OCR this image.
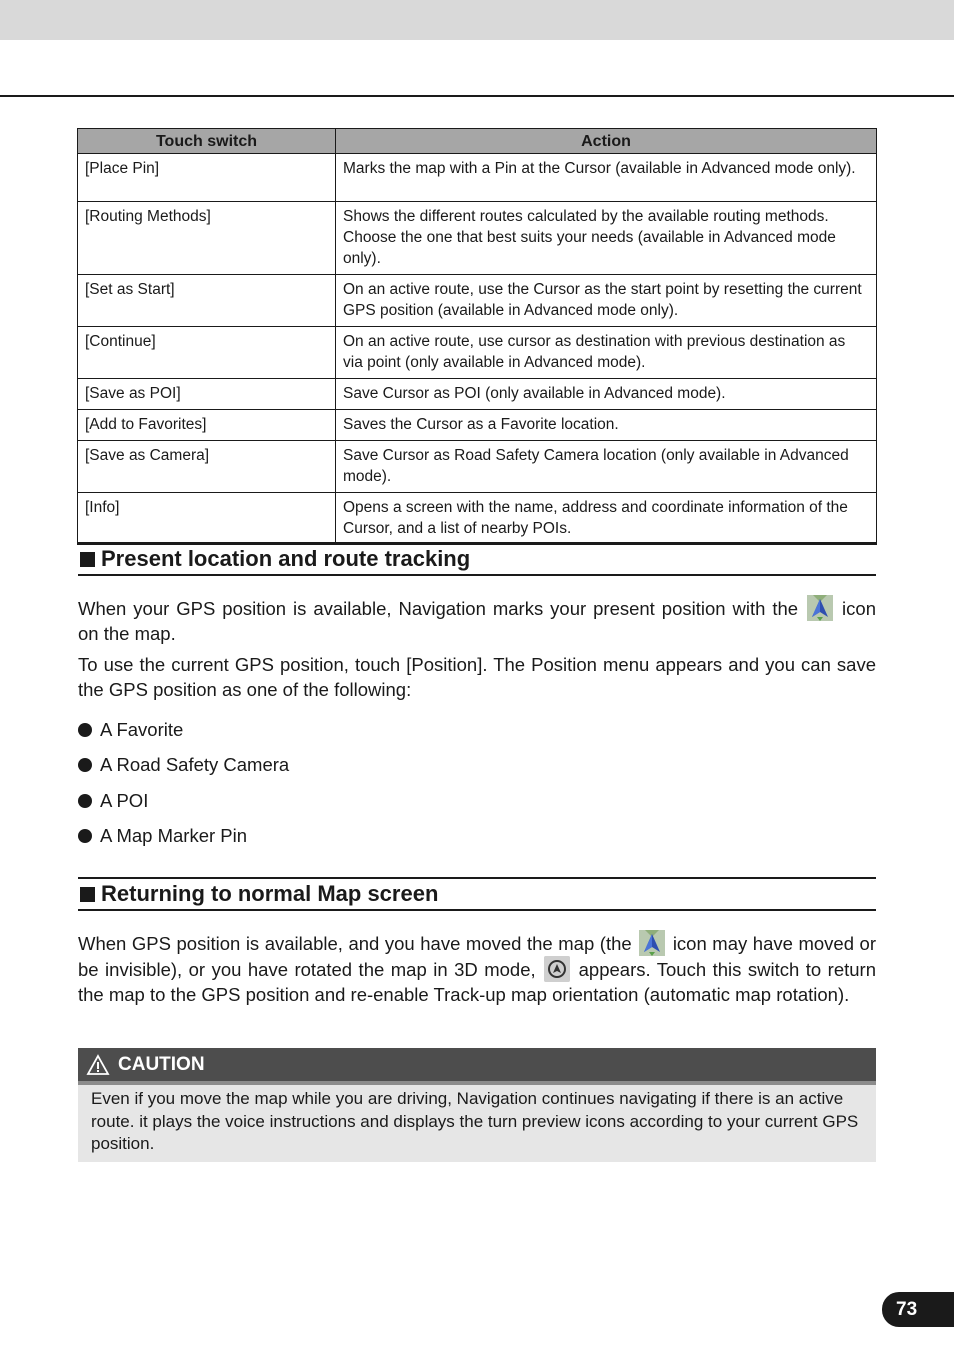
Touch switch	Action
[Place Pin]	Marks the map with a Pin at the Cursor (available in Advanced mode only).
[Routing Methods]	Shows the different routes calculated by the available routing methods. Choose the one that best suits your needs (available in Advanced mode only).
[Set as Start]	On an active route, use the Cursor as the start point by resetting the current GPS position (available in Advanced mode only).
[Continue]	On an active route, use cursor as destination with previous destination as via point (only available in Advanced mode).
[Save as POI]	Save Cursor as POI (only available in Advanced mode).
[Add to Favorites]	Saves the Cursor as a Favorite location.
[Save as Camera]	Save Cursor as Road Safety Camera location (only available in Advanced mode).
[Info]	Opens a screen with the name, address and coordinate information of the Cursor, and a list of nearby POIs.
Present location and route tracking

When your GPS position is available, Navigation marks your present position with the icon on the map.

To use the current GPS position, touch [Position]. The Position menu appears and you can save the GPS position as one of the following:

A Favorite
A Road Safety Camera
A POI
A Map Marker Pin
Returning to normal Map screen

When GPS position is available, and you have moved the map (the icon may have moved or be invisible), or you have rotated the map in 3D mode, appears. Touch this switch to return the map to the GPS position and re-enable Track-up map orientation (automatic map rotation).

CAUTION
Even if you move the map while you are driving, Navigation continues navigating if there is an active route. it plays the voice instructions and displays the turn preview icons according to your current GPS position.
73
